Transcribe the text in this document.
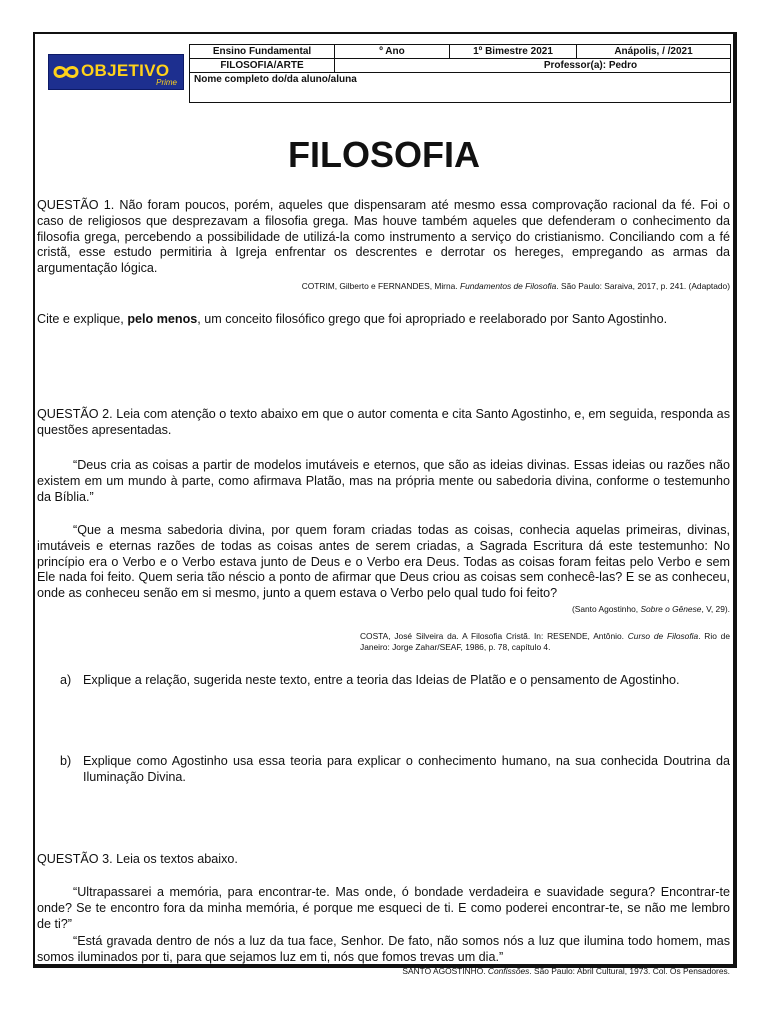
OBJETIVO
Prime
Ensino Fundamental	º Ano	1º Bimestre 2021	Anápolis, / /2021
FILOSOFIA/ARTE	Professor(a): Pedro		
Nome completo do/da aluno/aluna			
FILOSOFIA

QUESTÃO 1. Não foram poucos, porém, aqueles que dispensaram até mesmo essa comprovação racional da fé. Foi o caso de religiosos que desprezavam a filosofia grega. Mas houve também aqueles que defenderam o conhecimento da filosofia grega, percebendo a possibilidade de utilizá-la como instrumento a serviço do cristianismo. Conciliando com a fé cristã, esse estudo permitiria à Igreja enfrentar os descrentes e derrotar os hereges, empregando as armas da argumentação lógica.

COTRIM, Gilberto e FERNANDES, Mirna. Fundamentos de Filosofia. São Paulo: Saraiva, 2017, p. 241. (Adaptado)

Cite e explique, pelo menos, um conceito filosófico grego que foi apropriado e reelaborado por Santo Agostinho.

QUESTÃO 2. Leia com atenção o texto abaixo em que o autor comenta e cita Santo Agostinho, e, em seguida, responda as questões apresentadas.

“Deus cria as coisas a partir de modelos imutáveis e eternos, que são as ideias divinas. Essas ideias ou razões não existem em um mundo à parte, como afirmava Platão, mas na própria mente ou sabedoria divina, conforme o testemunho da Bíblia.”

“Que a mesma sabedoria divina, por quem foram criadas todas as coisas, conhecia aquelas primeiras, divinas, imutáveis e eternas razões de todas as coisas antes de serem criadas, a Sagrada Escritura dá este testemunho: No princípio era o Verbo e o Verbo estava junto de Deus e o Verbo era Deus. Todas as coisas foram feitas pelo Verbo e sem Ele nada foi feito. Quem seria tão néscio a ponto de afirmar que Deus criou as coisas sem conhecê-las? E se as conheceu, onde as conheceu senão em si mesmo, junto a quem estava o Verbo pelo qual tudo foi feito?

(Santo Agostinho, Sobre o Gênese, V, 29).

COSTA, José Silveira da. A Filosofia Cristã. In: RESENDE, Antônio. Curso de Filosofia. Rio de Janeiro: Jorge Zahar/SEAF, 1986, p. 78, capítulo 4.

a) Explique a relação, sugerida neste texto, entre a teoria das Ideias de Platão e o pensamento de Agostinho.

b) Explique como Agostinho usa essa teoria para explicar o conhecimento humano, na sua conhecida Doutrina da Iluminação Divina.

QUESTÃO 3. Leia os textos abaixo.

“Ultrapassarei a memória, para encontrar-te. Mas onde, ó bondade verdadeira e suavidade segura? Encontrar-te onde? Se te encontro fora da minha memória, é porque me esqueci de ti. E como poderei encontrar-te, se não me lembro de ti?”

“Está gravada dentro de nós a luz da tua face, Senhor. De fato, não somos nós a luz que ilumina todo homem, mas somos iluminados por ti, para que sejamos luz em ti, nós que fomos trevas um dia.”

SANTO AGOSTINHO. Confissões. São Paulo: Abril Cultural, 1973. Col. Os Pensadores.
